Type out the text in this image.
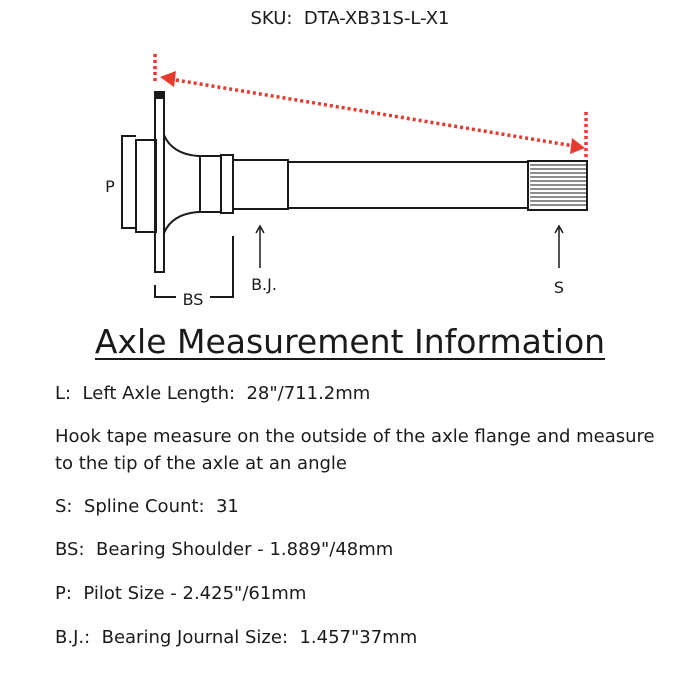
SKU:  DTA-XB31S-L-X1
P
BS
B.J.	S
Axle Measurement Information

L:  Left Axle Length:  28"/711.2mm

Hook tape measure on the outside of the axle flange and measure to the tip of the axle at an angle

S:  Spline Count:  31

BS:  Bearing Shoulder - 1.889"/48mm

P:  Pilot Size - 2.425"/61mm

B.J.:  Bearing Journal Size:  1.457"37mm
